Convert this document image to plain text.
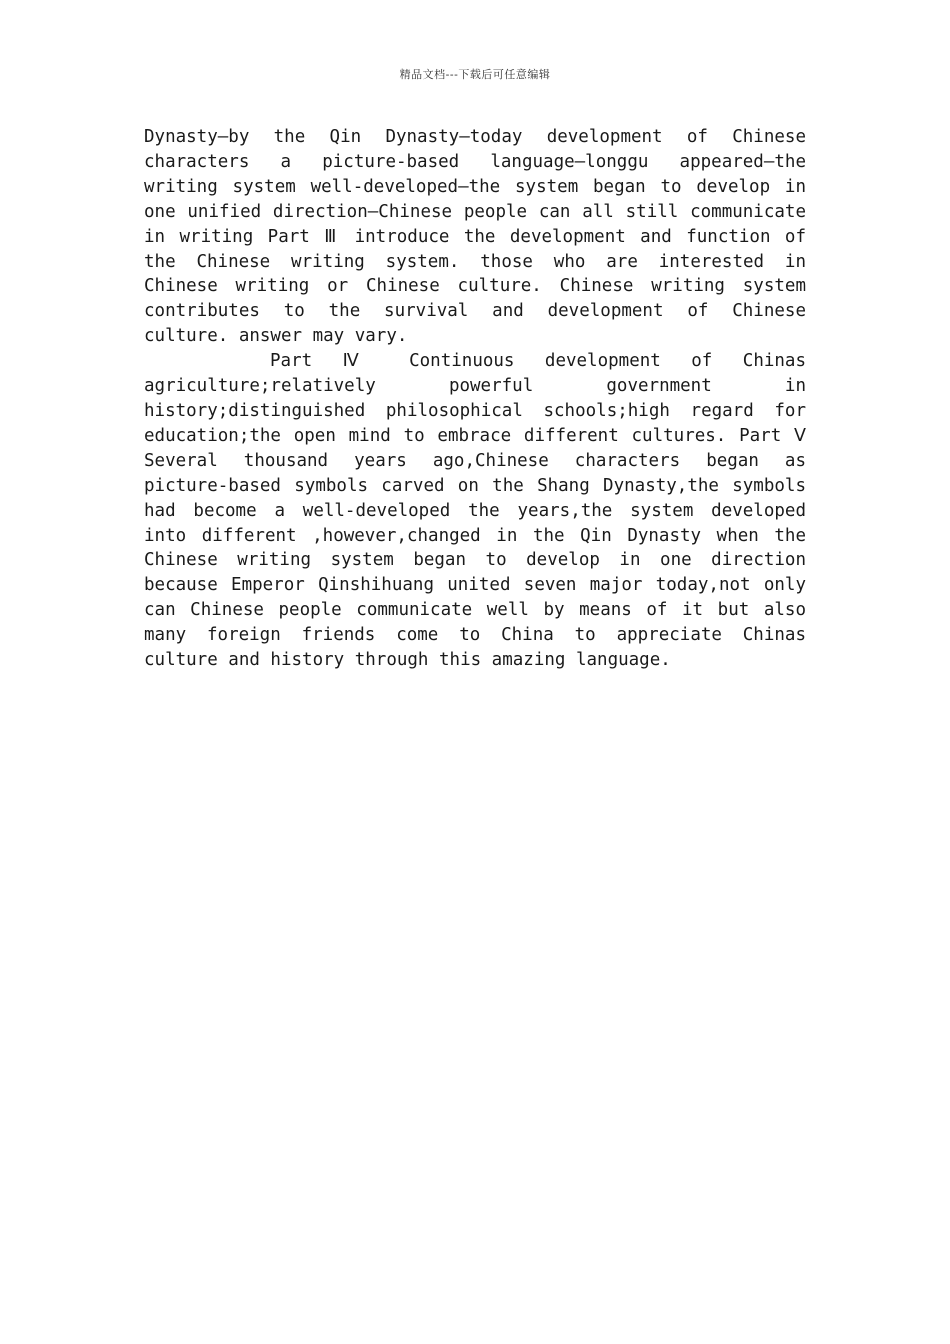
精品文档---下载后可任意编辑

Dynasty—by the Qin Dynasty—today development of Chinese characters a picture-based language—longgu appeared—the writing system well-developed—the system began to develop in one unified direction—Chinese people can all still communicate in writing Part Ⅲ introduce the development and function of the Chinese writing system. those who are interested in Chinese writing or Chinese culture. Chinese writing system contributes to the survival and development of Chinese culture. answer may vary.

Part Ⅳ Continuous development of Chinas agriculture;relatively powerful government in history;distinguished philosophical schools;high regard for education;the open mind to embrace different cultures. Part Ⅴ Several thousand years ago,Chinese characters began as picture-based symbols carved on the Shang Dynasty,the symbols had become a well-developed the years,the system developed into different ,however,changed in the Qin Dynasty when the Chinese writing system began to develop in one direction because Emperor Qinshihuang united seven major today,not only can Chinese people communicate well by means of it but also many foreign friends come to China to appreciate Chinas culture and history through this amazing language.
